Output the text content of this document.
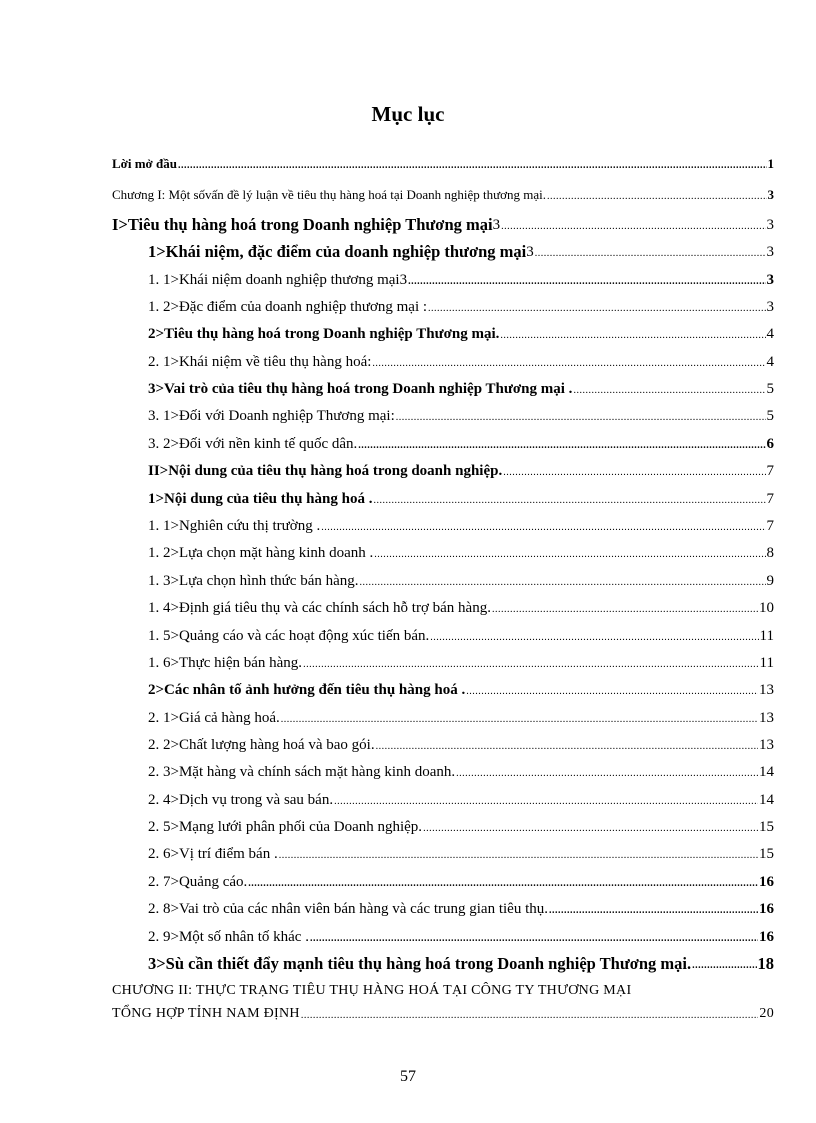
Mục lục
Lời mở đầu .....	1
Chương I: Một sốvấn đề lý luận về tiêu thụ hàng hoá tại Doanh nghiệp thương mại. .....	3
I>Tiêu thụ hàng hoá trong Doanh nghiệp Thương mại 3 .....	3
1>Khái niệm, đặc điểm của doanh nghiệp thương mại 3 .....	3
1. 1>Khái niệm doanh nghiệp thương mại3 .....	3
1. 2>Đặc điểm của doanh nghiệp thương mại : .....	3
2>Tiêu thụ hàng hoá trong Doanh nghiệp Thương mại. .....	4
2. 1>Khái niệm về tiêu thụ hàng hoá: .....	4
3>Vai trò của tiêu thụ hàng hoá trong Doanh nghiệp Thương mại . .....	5
3. 1>Đối với Doanh nghiệp Thương mại: .....	5
3. 2>Đối với nền kinh tế quốc dân. .....	6
II>Nội dung của tiêu thụ hàng hoá trong doanh nghiệp. .....	7
1>Nội dung của tiêu thụ hàng hoá . .....	7
1. 1>Nghiên cứu thị trường . .....	7
1. 2>Lựa chọn mặt hàng kinh doanh . .....	8
1. 3>Lựa chọn hình thức bán hàng. .....	9
1. 4>Định giá tiêu thụ và các chính sách hỗ trợ bán hàng. .....	10
1. 5>Quảng cáo và các hoạt động xúc tiến bán. .....	11
1. 6>Thực hiện bán hàng. .....	11
2>Các nhân tố ảnh hưởng đến tiêu thụ hàng hoá . .....	13
2. 1>Giá cả hàng hoá. .....	13
2. 2>Chất lượng hàng hoá và bao gói. .....	13
2. 3>Mặt hàng và chính sách mặt hàng kinh doanh. .....	14
2. 4>Dịch vụ trong và sau bán. .....	14
2. 5>Mạng lưới phân phối của Doanh nghiệp. .....	15
2. 6>Vị trí điểm bán . .....	15
2. 7>Quảng cáo. .....	16
2. 8>Vai trò của các nhân viên bán hàng và các trung gian tiêu thụ. .....	16
2. 9>Một số nhân tố khác . .....	16
3>Sù cần thiết đẩy mạnh tiêu thụ hàng hoá trong Doanh nghiệp Thương mại. .....	18
CHƯƠNG II: THỰC TRẠNG TIÊU THỤ HÀNG HOÁ TẠI CÔNG TY THƯƠNG MẠI
TỔNG HỢP TỈNH NAM ĐỊNH .....	20
57
